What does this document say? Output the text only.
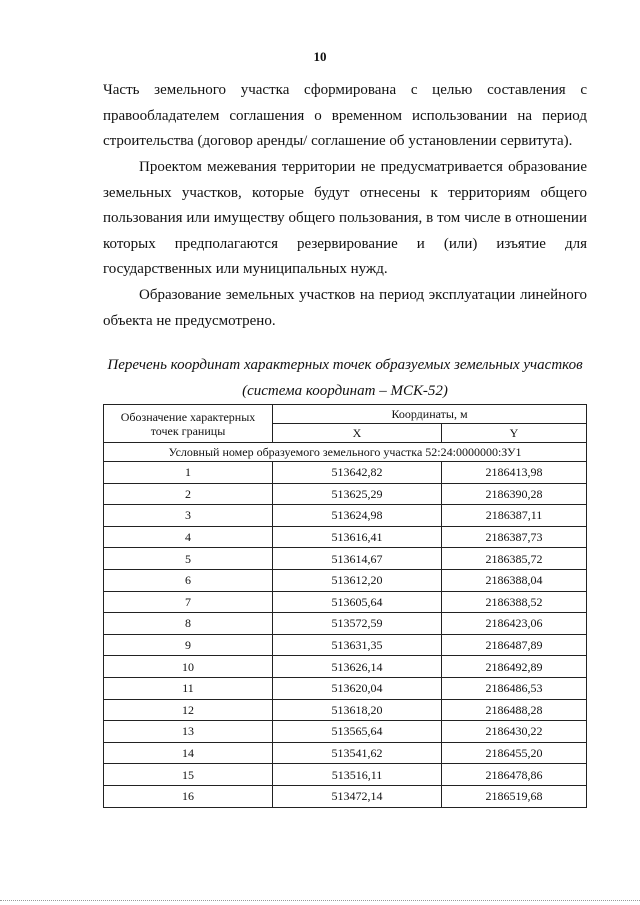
10

Часть земельного участка сформирована с целью составления с правообладателем соглашения о временном использовании на период строительства (договор аренды/ соглашение об установлении сервитута).

Проектом межевания территории не предусматривается образование земельных участков, которые будут отнесены к территориям общего пользования или имуществу общего пользования, в том числе в отношении которых предполагаются резервирование и (или) изъятие для государственных или муниципальных нужд.

Образование земельных участков на период эксплуатации линейного объекта не предусмотрено.

Перечень координат характерных точек образуемых земельных участков (система координат – МСК-52)

Обозначение характерных точек границы	Координаты, м	
	X	Y
Условный номер образуемого земельного участка 52:24:0000000:ЗУ1		
1	513642,82	2186413,98
2	513625,29	2186390,28
3	513624,98	2186387,11
4	513616,41	2186387,73
5	513614,67	2186385,72
6	513612,20	2186388,04
7	513605,64	2186388,52
8	513572,59	2186423,06
9	513631,35	2186487,89
10	513626,14	2186492,89
11	513620,04	2186486,53
12	513618,20	2186488,28
13	513565,64	2186430,22
14	513541,62	2186455,20
15	513516,11	2186478,86
16	513472,14	2186519,68
